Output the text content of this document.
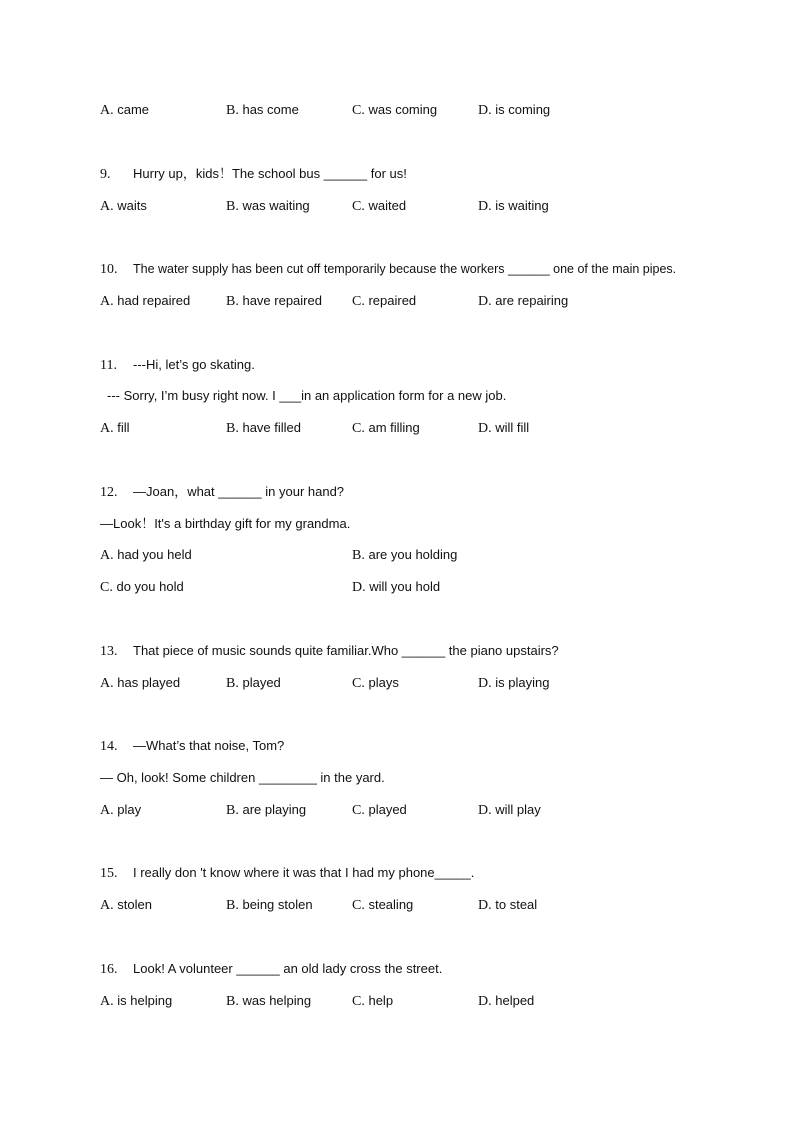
A. came	B. has come	C. was coming	D. is coming
9. Hurry up，kids！The school bus ______ for us!
A. waits	B. was waiting	C. waited	D. is waiting
10. The water supply has been cut off temporarily because the workers ______ one of the main pipes.
A. had repaired	B. have repaired C. repaired	D. are repairing
11. ---Hi, let’s go skating.
--- Sorry, I’m busy right now. I ___in an application form for a new job.
A. fill	B. have filled	C. am filling	D. will fill
12. —Joan，what ______ in your hand?
—Look！It's a birthday gift for my grandma.
A. had you held	B. are you holding
C. do you hold	D. will you hold
13. That piece of music sounds quite familiar.Who ______ the piano upstairs?
A. has played	B. played	C. plays	D. is playing
14. —What’s that noise, Tom?
— Oh, look! Some children ________ in the yard.
A. play	B. are playing	C. played	D. will play
15. I really don 't know where it was that I had my phone_____.
A. stolen	B. being stolen	C. stealing	D. to steal
16. Look! A volunteer ______ an old lady cross the street.
A. is helping	B. was helping	C. help	D. helped
